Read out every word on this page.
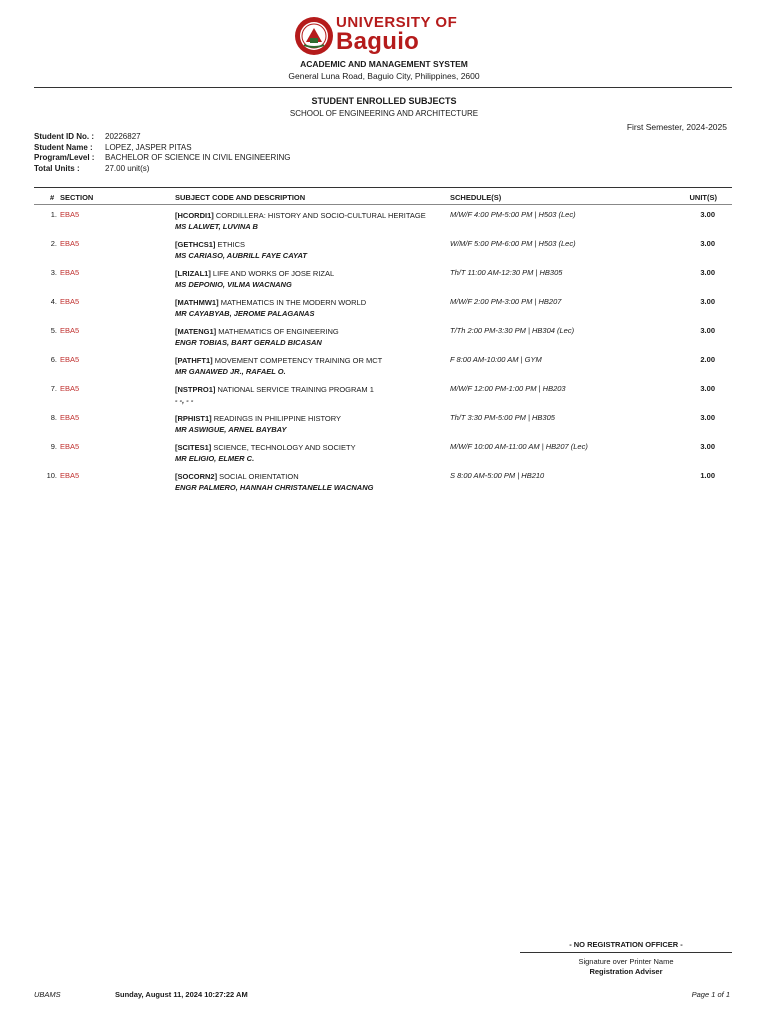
UNIVERSITY OF
Baguio
ACADEMIC AND MANAGEMENT SYSTEM
General Luna Road, Baguio City, Philippines, 2600
STUDENT ENROLLED SUBJECTS
SCHOOL OF ENGINEERING AND ARCHITECTURE
First Semester, 2024-2025
Student ID No. :	20226827
Student Name :	LOPEZ, JASPER PITAS
Program/Level :	BACHELOR OF SCIENCE IN CIVIL ENGINEERING
Total Units :	27.00 unit(s)
# SECTION	SUBJECT CODE AND DESCRIPTION	SCHEDULE(S)	UNIT(S)
1. EBA5	[HCORDI1] CORDILLERA: HISTORY AND SOCIO-CULTURAL HERITAGE
MS LALWET, LUVINA B
M/W/F 4:00 PM-5:00 PM | H503 (Lec)	3.00
2. EBA5	[GETHCS1] ETHICS
MS CARIASO, AUBRILL FAYE CAYAT
W/M/F 5:00 PM-6:00 PM | H503 (Lec)	3.00
3. EBA5	[LRIZAL1] LIFE AND WORKS OF JOSE RIZAL
MS DEPONIO, VILMA WACNANG
Th/T 11:00 AM-12:30 PM | HB305	3.00
4. EBA5	[MATHMW1] MATHEMATICS IN THE MODERN WORLD
MR CAYABYAB, JEROME PALAGANAS
M/W/F 2:00 PM-3:00 PM | HB207	3.00
5. EBA5	[MATENG1] MATHEMATICS OF ENGINEERING
ENGR TOBIAS, BART GERALD BICASAN
T/Th 2:00 PM-3:30 PM | HB304 (Lec)	3.00
6. EBA5	[PATHFT1] MOVEMENT COMPETENCY TRAINING OR MCT
MR GANAWED JR., RAFAEL O.
F 8:00 AM-10:00 AM | GYM	2.00
7. EBA5	[NSTPRO1] NATIONAL SERVICE TRAINING PROGRAM 1
- -, - -
M/W/F 12:00 PM-1:00 PM | HB203	3.00
8. EBA5	[RPHIST1] READINGS IN PHILIPPINE HISTORY
MR ASWIGUE, ARNEL BAYBAY
Th/T 3:30 PM-5:00 PM | HB305	3.00
9. EBA5	[SCITES1] SCIENCE, TECHNOLOGY AND SOCIETY
MR ELIGIO, ELMER C.
M/W/F 10:00 AM-11:00 AM | HB207 (Lec)	3.00
10. EBA5	[SOCORN2] SOCIAL ORIENTATION
ENGR PALMERO, HANNAH CHRISTANELLE WACNANG
S 8:00 AM-5:00 PM | HB210	1.00
- NO REGISTRATION OFFICER -
Signature over Printer Name
Registration Adviser
UBAMS	Sunday, August 11, 2024 10:27:22 AM	Page 1 of 1
